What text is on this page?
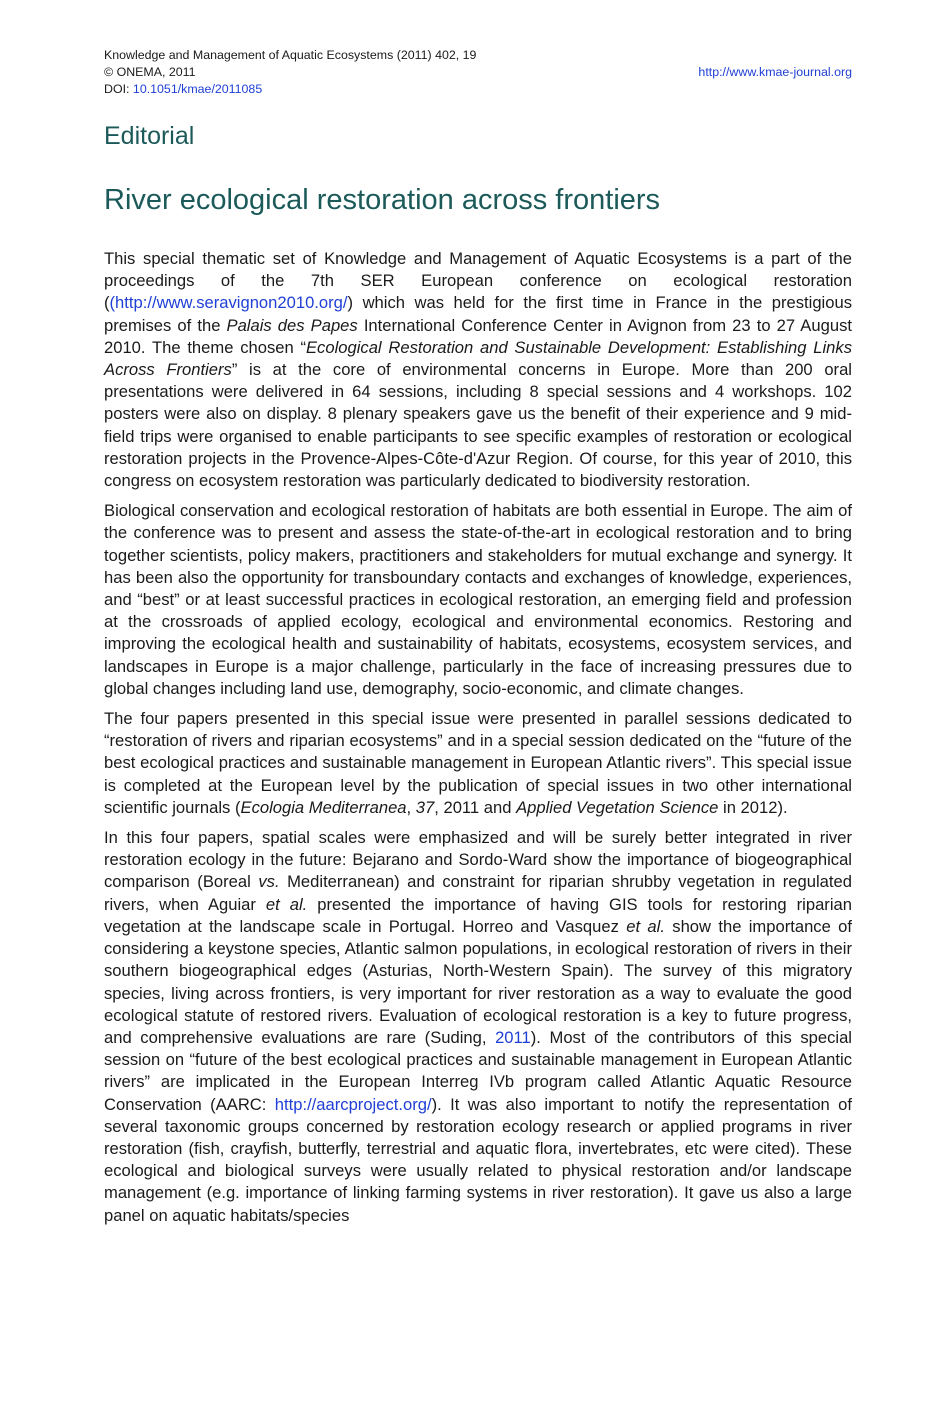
Knowledge and Management of Aquatic Ecosystems (2011) 402, 19
© ONEMA, 2011
DOI: 10.1051/kmae/2011085
http://www.kmae-journal.org
Editorial
River ecological restoration across frontiers

This special thematic set of Knowledge and Management of Aquatic Ecosystems is a part of the proceedings of the 7th SER European conference on ecological restoration ((http://www.seravignon2010.org/) which was held for the first time in France in the prestigious premises of the Palais des Papes International Conference Center in Avignon from 23 to 27 August 2010. The theme chosen “Ecological Restoration and Sustainable Development: Establishing Links Across Frontiers” is at the core of environmental concerns in Europe. More than 200 oral presentations were delivered in 64 sessions, including 8 special sessions and 4 workshops. 102 posters were also on display. 8 plenary speakers gave us the benefit of their experience and 9 mid-field trips were organised to enable participants to see specific examples of restoration or ecological restoration projects in the Provence-Alpes-Côte-d'Azur Region. Of course, for this year of 2010, this congress on ecosystem restoration was particularly dedicated to biodiversity restoration.

Biological conservation and ecological restoration of habitats are both essential in Europe. The aim of the conference was to present and assess the state-of-the-art in ecological restoration and to bring together scientists, policy makers, practitioners and stakeholders for mutual exchange and synergy. It has been also the opportunity for transboundary contacts and exchanges of knowledge, experiences, and “best” or at least successful practices in ecological restoration, an emerging field and profession at the crossroads of applied ecology, ecological and environmental economics. Restoring and improving the ecological health and sustainability of habitats, ecosystems, ecosystem services, and landscapes in Europe is a major challenge, particularly in the face of increasing pressures due to global changes including land use, demography, socio-economic, and climate changes.

The four papers presented in this special issue were presented in parallel sessions dedicated to “restoration of rivers and riparian ecosystems” and in a special session dedicated on the “future of the best ecological practices and sustainable management in European Atlantic rivers”. This special issue is completed at the European level by the publication of special issues in two other international scientific journals (Ecologia Mediterranea, 37, 2011 and Applied Vegetation Science in 2012).

In this four papers, spatial scales were emphasized and will be surely better integrated in river restoration ecology in the future: Bejarano and Sordo-Ward show the importance of biogeographical comparison (Boreal vs. Mediterranean) and constraint for riparian shrubby vegetation in regulated rivers, when Aguiar et al. presented the importance of having GIS tools for restoring riparian vegetation at the landscape scale in Portugal. Horreo and Vasquez et al. show the importance of considering a keystone species, Atlantic salmon populations, in ecological restoration of rivers in their southern biogeographical edges (Asturias, North-Western Spain). The survey of this migratory species, living across frontiers, is very important for river restoration as a way to evaluate the good ecological statute of restored rivers. Evaluation of ecological restoration is a key to future progress, and comprehensive evaluations are rare (Suding, 2011). Most of the contributors of this special session on “future of the best ecological practices and sustainable management in European Atlantic rivers” are implicated in the European Interreg IVb program called Atlantic Aquatic Resource Conservation (AARC: http://aarcproject.org/). It was also important to notify the representation of several taxonomic groups concerned by restoration ecology research or applied programs in river restoration (fish, crayfish, butterfly, terrestrial and aquatic flora, invertebrates, etc were cited). These ecological and biological surveys were usually related to physical restoration and/or landscape management (e.g. importance of linking farming systems in river restoration). It gave us also a large panel on aquatic habitats/species
